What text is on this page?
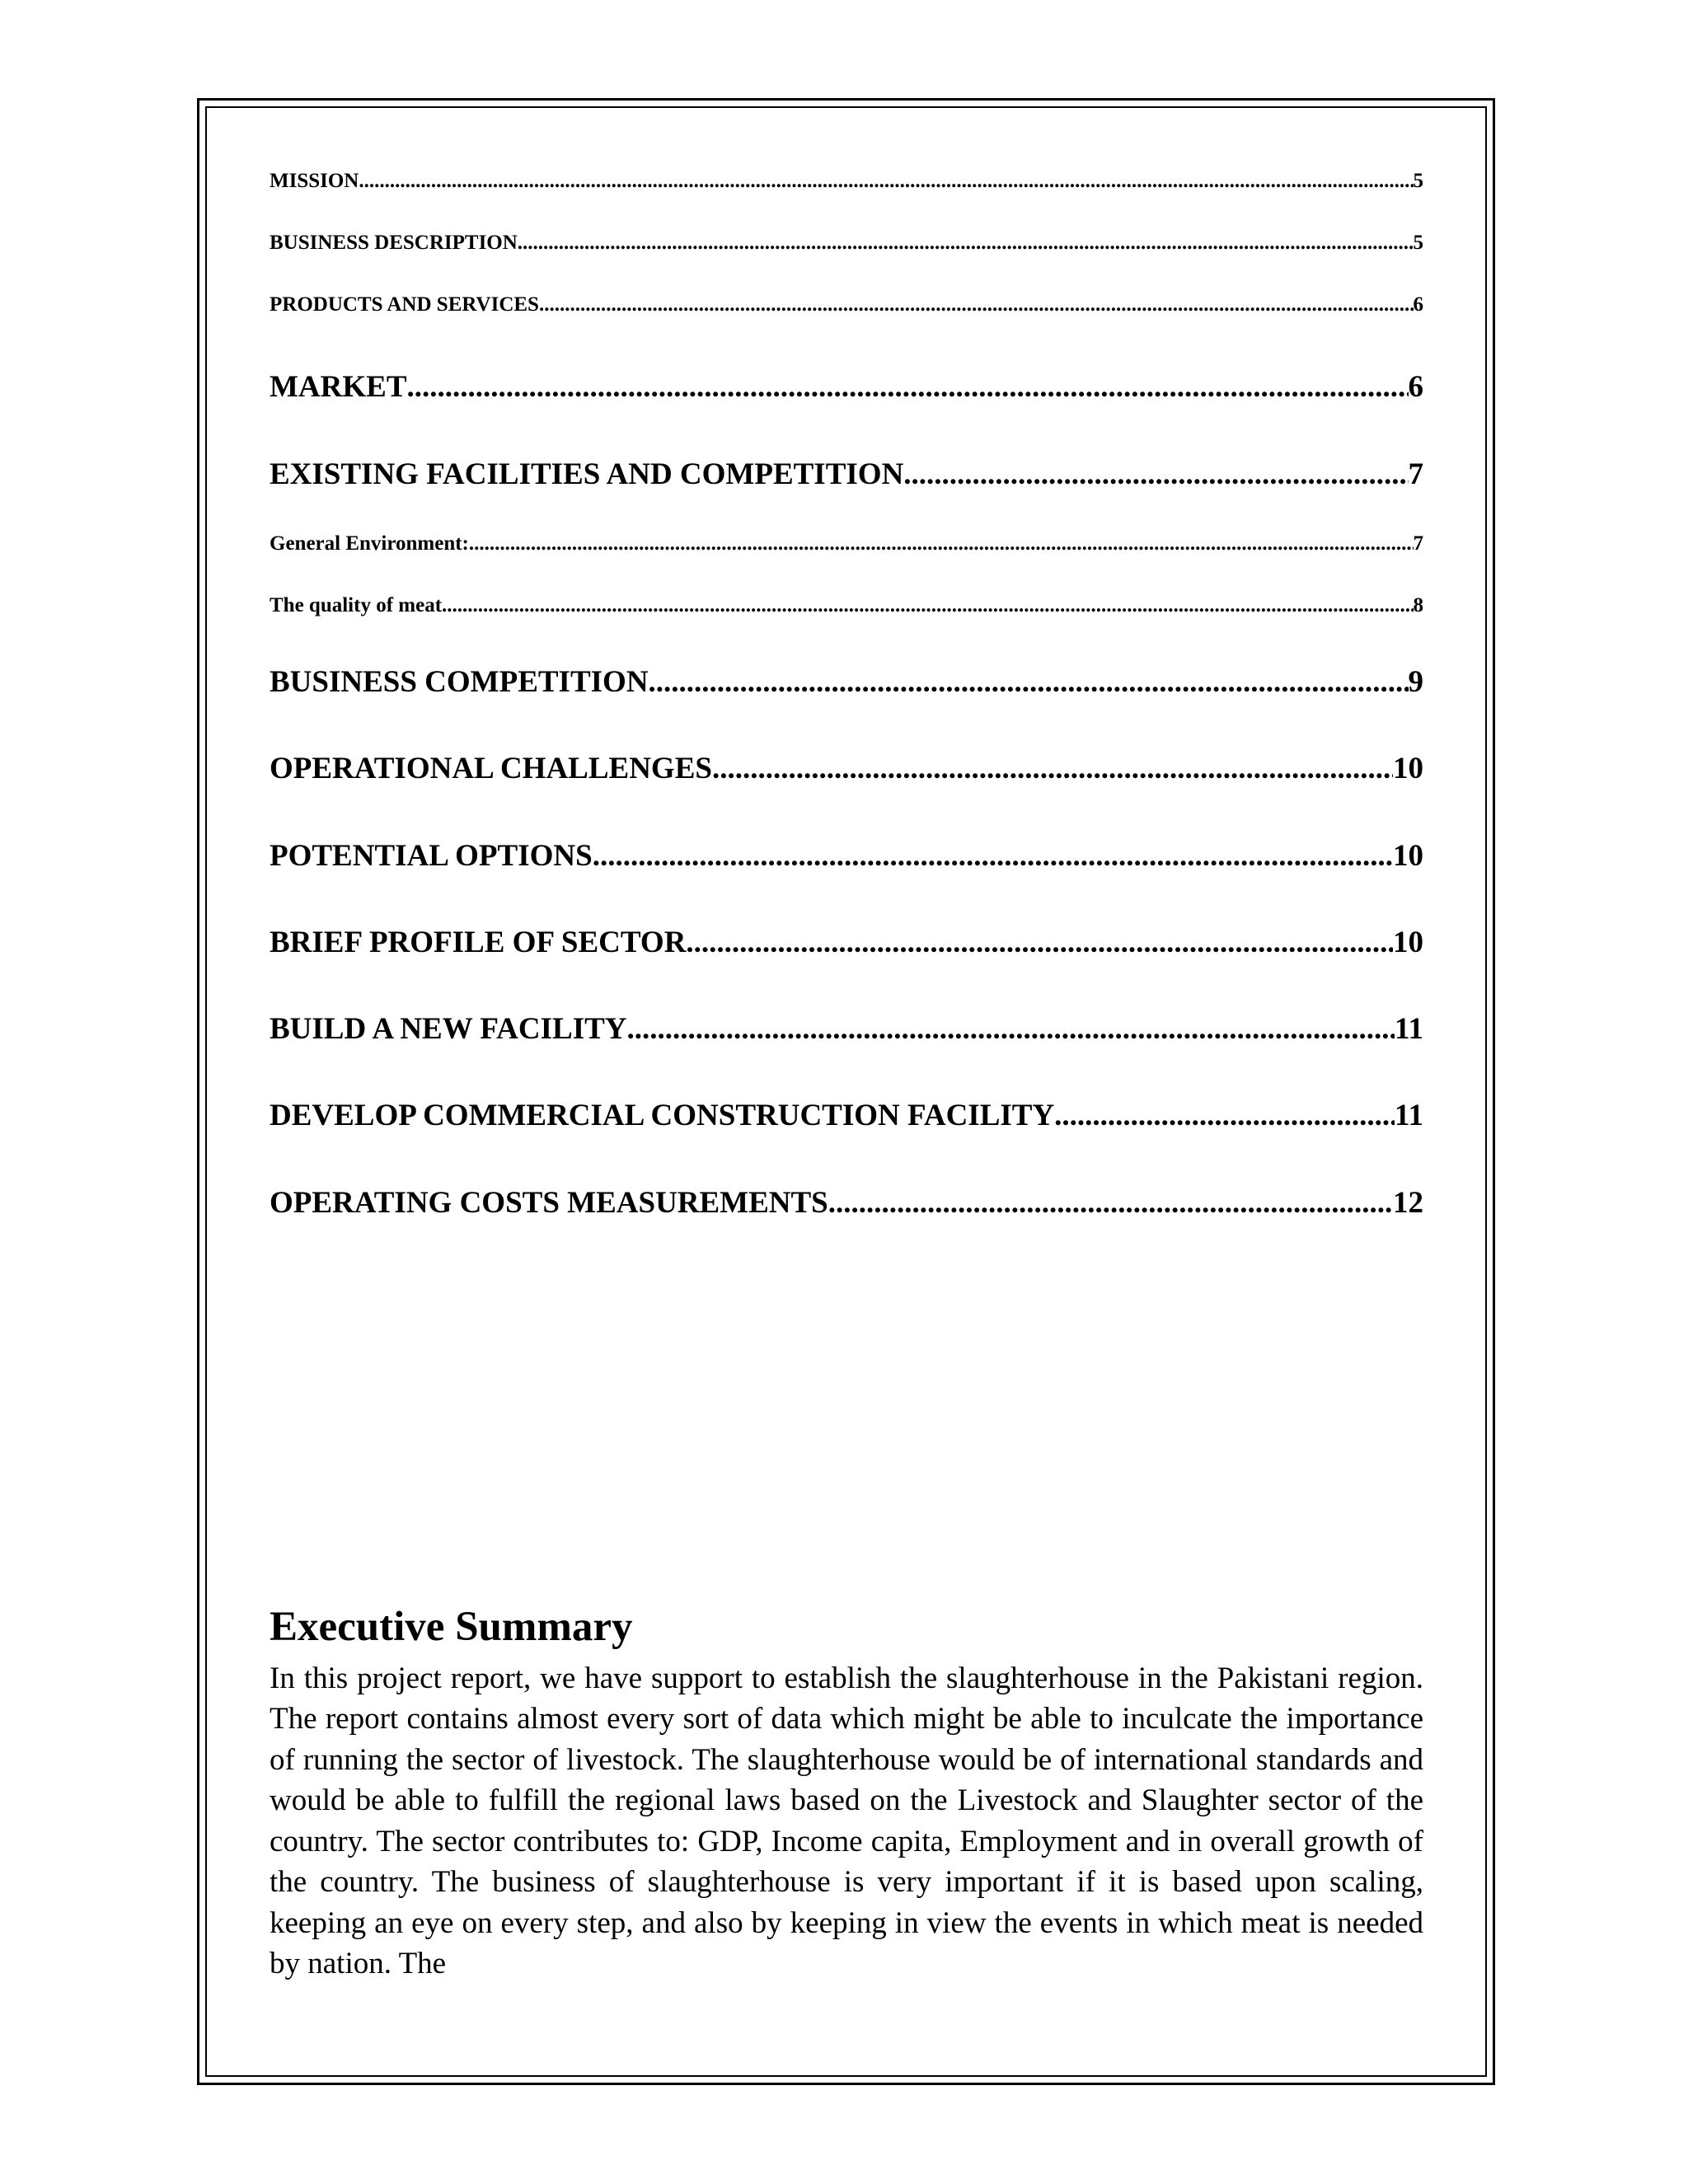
MISSION .....	5
BUSINESS DESCRIPTION .....	5
PRODUCTS AND SERVICES .....	6
MARKET .....	6
EXISTING FACILITIES AND COMPETITION .....	7
General Environment: .....	7
The quality of meat .....	8
BUSINESS COMPETITION .....	9
OPERATIONAL CHALLENGES .....	10
POTENTIAL OPTIONS .....	10
BRIEF PROFILE OF SECTOR .....	10
BUILD A NEW FACILITY .....	11
DEVELOP COMMERCIAL CONSTRUCTION FACILITY .....	11
OPERATING COSTS MEASUREMENTS .....	12
Executive Summary

In this project report, we have support to establish the slaughterhouse in the Pakistani region. The report contains almost every sort of data which might be able to inculcate the importance of running the sector of livestock. The slaughterhouse would be of international standards and would be able to fulfill the regional laws based on the Livestock and Slaughter sector of the country. The sector contributes to: GDP, Income capita, Employment and in overall growth of the country. The business of slaughterhouse is very important if it is based upon scaling, keeping an eye on every step, and also by keeping in view the events in which meat is needed by nation. The
